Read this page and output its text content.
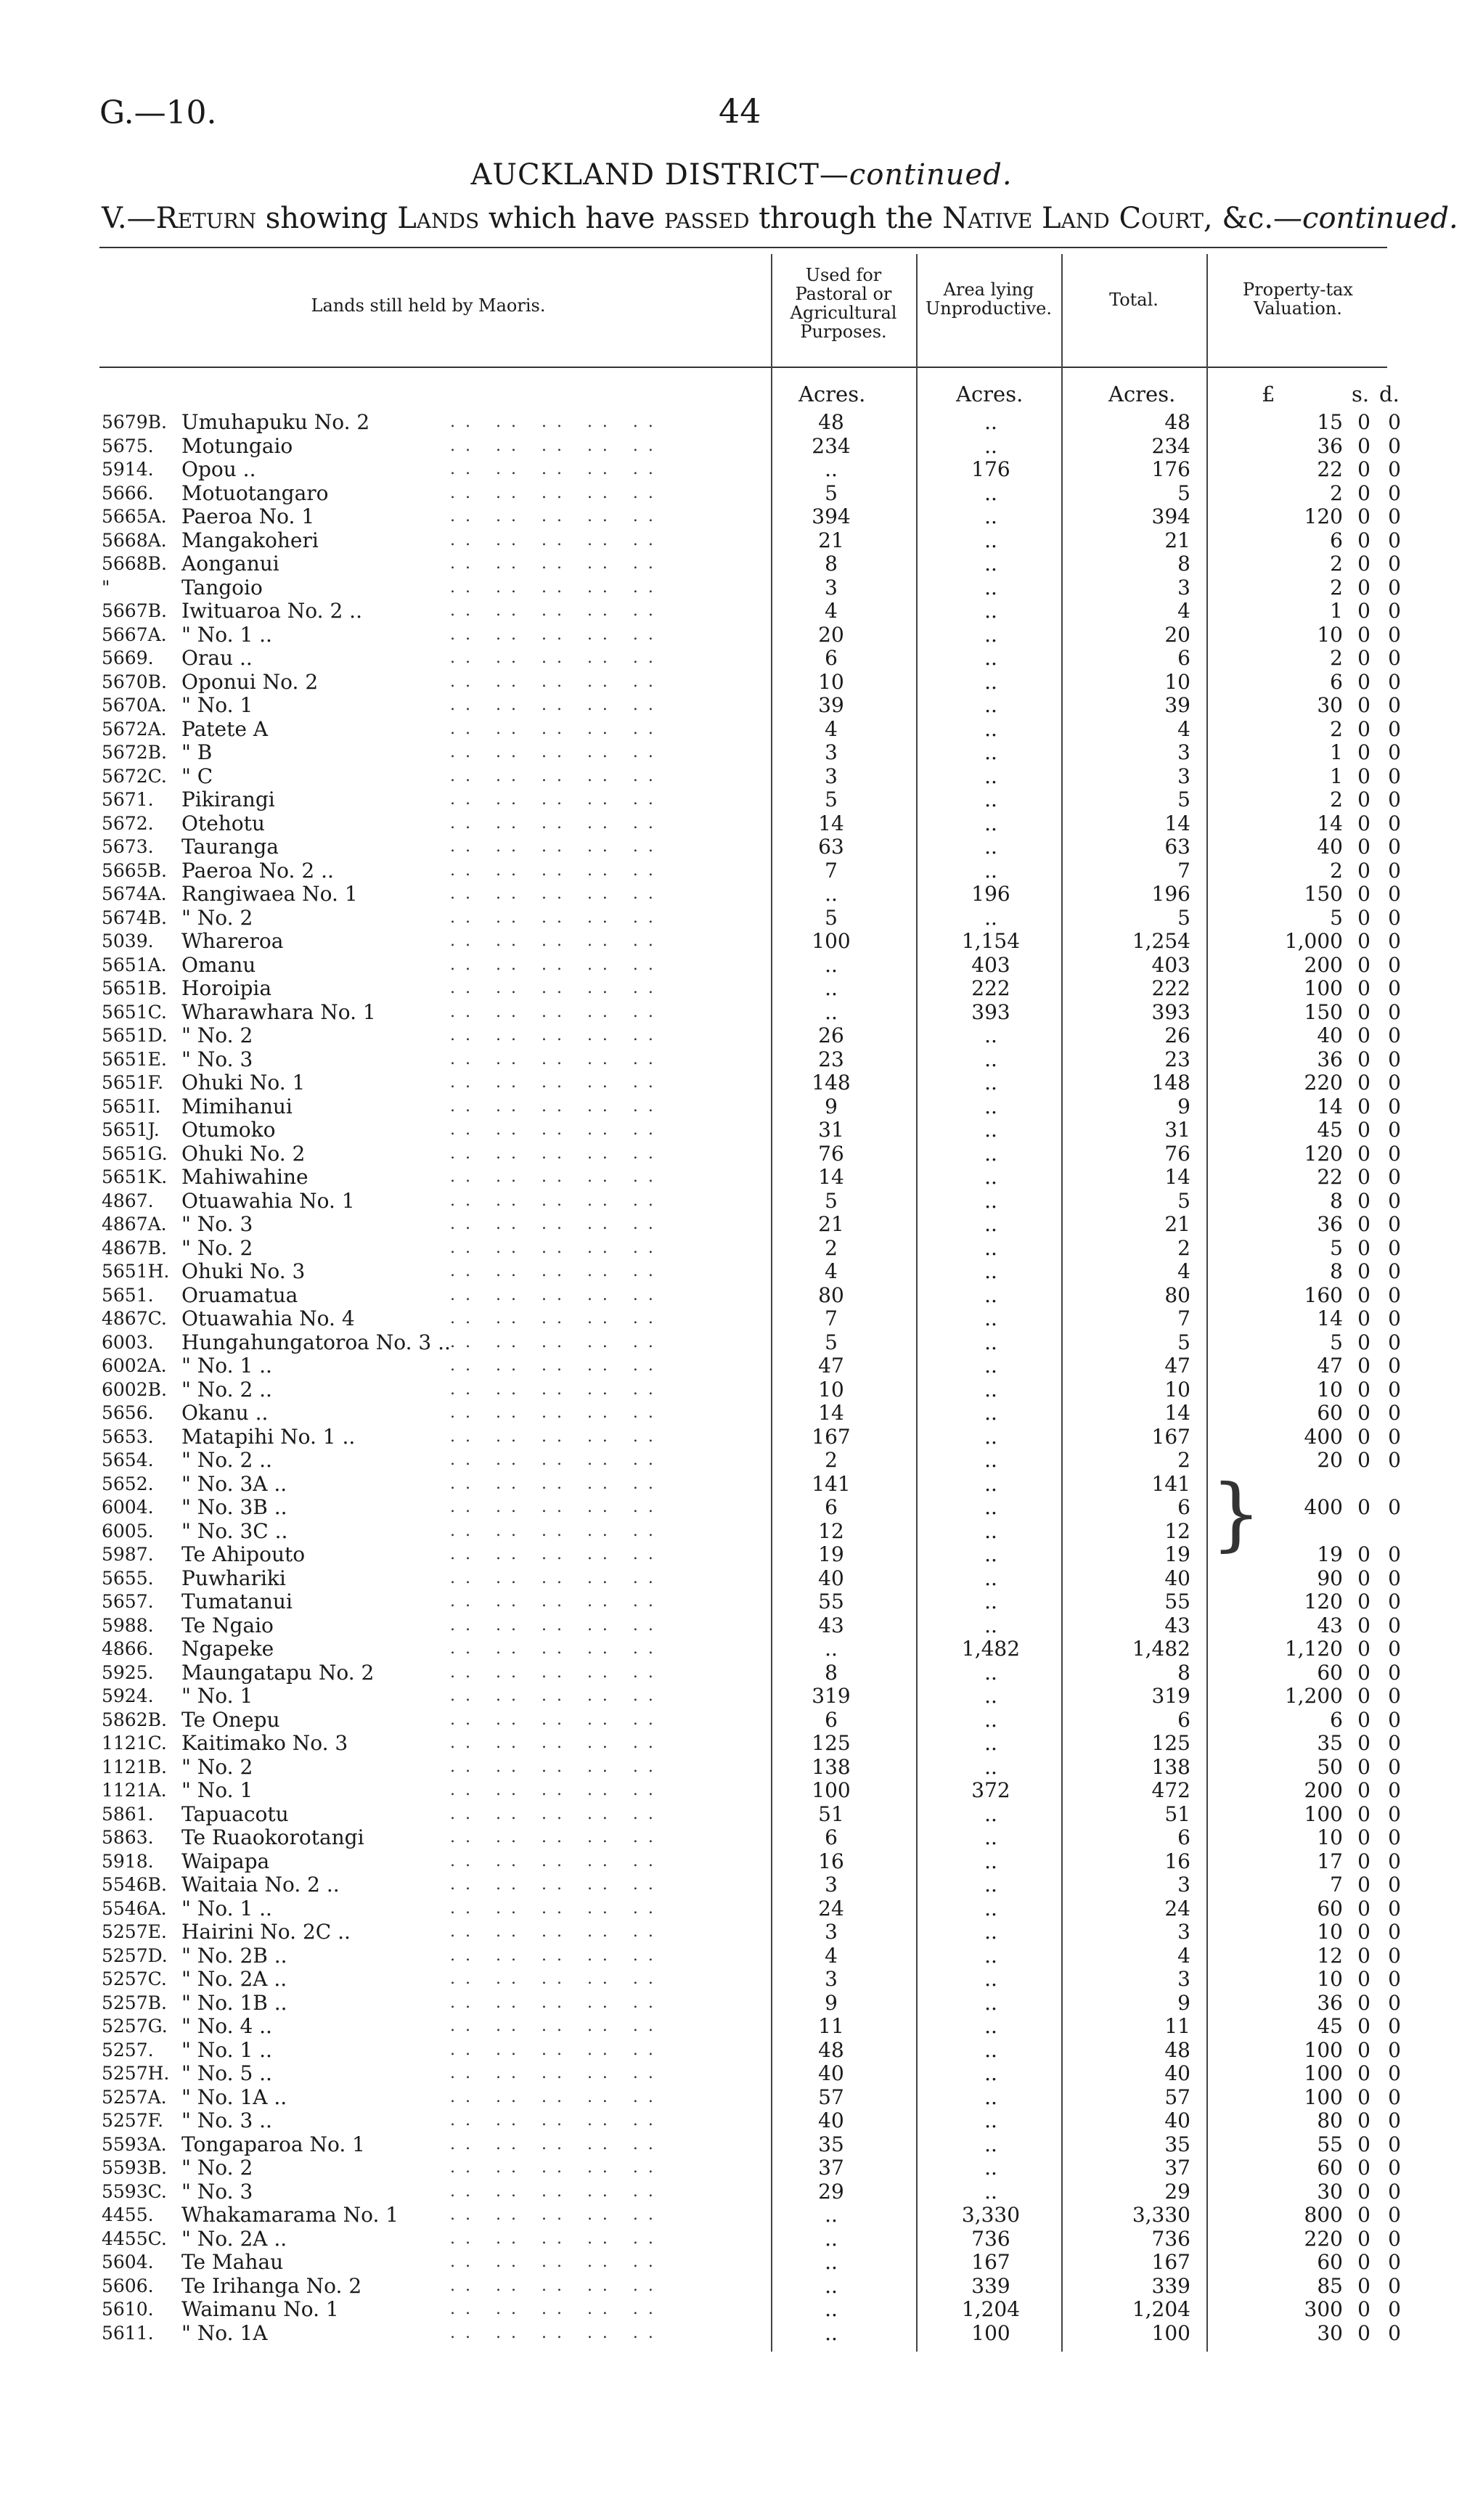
G.—10.	44
AUCKLAND DISTRICT—continued.
V.—Return showing Lands which have passed through the Native Land Court, &c.—continued.
Lands still held by Maoris.
Used for Pastoral or Agricultural Purposes.
Area lying Unproductive.	Total.	Property-tax Valuation.
Acres.	Acres.	Acres.	£	s. d.
5679B. Umuhapuku No. 2	48	..	48	15 0 0
.. .. .. .. ..
5675. Motungaio	234	..	234	36 0 0
.. .. .. .. ..
5914. Opou ..	..	176	176	22 0 0
.. .. .. .. ..
5666. Motuotangaro	5	..	5	2 0 0
.. .. .. .. ..
5665A. Paeroa No. 1	394	..	394	120 0 0
.. .. .. .. ..
5668A. Mangakoheri	21	..	21	6 0 0
.. .. .. .. ..
5668B. Aonganui	8	..	8	2 0 0
.. .. .. .. ..
"	Tangoio	3	..	3	2 0 0
.. .. .. .. ..
5667B. Iwituaroa No. 2 ..	4	..	4	1 0 0
.. .. .. .. ..
5667A. " No. 1 ..	20	..	20	10 0 0
.. .. .. .. ..
5669. Orau ..	6	..	6	2 0 0
.. .. .. .. ..
5670B. Oponui No. 2	10	..	10	6 0 0
.. .. .. .. ..
5670A. " No. 1	39	..	39	30 0 0
.. .. .. .. ..
5672A. Patete A	4	..	4	2 0 0
.. .. .. .. ..
5672B. " B	3	..	3	1 0 0
.. .. .. .. ..
5672C. " C	3	..	3	1 0 0
.. .. .. .. ..
5671. Pikirangi	5	..	5	2 0 0
.. .. .. .. ..
5672. Otehotu	14	..	14	14 0 0
.. .. .. .. ..
5673. Tauranga	63	..	63	40 0 0
.. .. .. .. ..
5665B. Paeroa No. 2 ..	7	..	7	2 0 0
.. .. .. .. ..
5674A. Rangiwaea No. 1	..	196	196	150 0 0
.. .. .. .. ..
5674B. " No. 2	5	..	5	5 0 0
.. .. .. .. ..
5039. Whareroa	100	1,154	1,254	1,000 0 0
.. .. .. .. ..
5651A. Omanu	..	403	403	200 0 0
.. .. .. .. ..
5651B. Horoipia	..	222	222	100 0 0
.. .. .. .. ..
5651C. Wharawhara No. 1	..	393	393	150 0 0
.. .. .. .. ..
5651D. " No. 2	26	..	26	40 0 0
.. .. .. .. ..
5651E. " No. 3	23	..	23	36 0 0
.. .. .. .. ..
5651F. Ohuki No. 1	148	..	148	220 0 0
.. .. .. .. ..
5651I. Mimihanui	9	..	9	14 0 0
.. .. .. .. ..
5651J. Otumoko	31	..	31	45 0 0
.. .. .. .. ..
5651G. Ohuki No. 2	76	..	76	120 0 0
.. .. .. .. ..
5651K. Mahiwahine	14	..	14	22 0 0
.. .. .. .. ..
4867. Otuawahia No. 1	5	..	5	8 0 0
.. .. .. .. ..
4867A. " No. 3	21	..	21	36 0 0
.. .. .. .. ..
4867B. " No. 2	2	..	2	5 0 0
.. .. .. .. ..
5651H. Ohuki No. 3	4	..	4	8 0 0
.. .. .. .. ..
5651. Oruamatua	80	..	80	160 0 0
.. .. .. .. ..
4867C. Otuawahia No. 4	7	..	7	14 0 0
.. .. .. .. ..
6003. Hungahungatoroa No. 3 ..	5	..	5	5 0 0
.. .. .. .. ..
6002A. " No. 1 ..	47	..	47	47 0 0
.. .. .. .. ..
6002B. " No. 2 ..	10	..	10	10 0 0
.. .. .. .. ..
5656. Okanu ..	14	..	14	60 0 0
.. .. .. .. ..
5653. Matapihi No. 1 ..	167	..	167	400 0 0
.. .. .. .. ..
5654. " No. 2 ..	2	..	2	20 0 0
.. .. .. .. ..
5652. " No. 3A ..	141	..	141
.. .. .. .. ..
6004. " No. 3B ..	6	..	6	400 0 0
.. .. .. .. ..
6005. " No. 3C ..	12	..	12
.. .. .. .. ..
5987. Te Ahipouto	19	..	19	19 0 0
.. .. .. .. ..
5655. Puwhariki	40	..	40	90 0 0
.. .. .. .. ..
5657. Tumatanui	55	..	55	120 0 0
.. .. .. .. ..
5988. Te Ngaio	43	..	43	43 0 0
.. .. .. .. ..
4866. Ngapeke	..	1,482	1,482	1,120 0 0
.. .. .. .. ..
5925. Maungatapu No. 2	8	..	8	60 0 0
.. .. .. .. ..
5924. " No. 1	319	..	319	1,200 0 0
.. .. .. .. ..
5862B. Te Onepu	6	..	6	6 0 0
.. .. .. .. ..
1121C. Kaitimako No. 3	125	..	125	35 0 0
.. .. .. .. ..
1121B. " No. 2	138	..	138	50 0 0
.. .. .. .. ..
1121A. " No. 1	100	372	472	200 0 0
.. .. .. .. ..
5861. Tapuacotu	51	..	51	100 0 0
.. .. .. .. ..
5863. Te Ruaokorotangi	6	..	6	10 0 0
.. .. .. .. ..
5918. Waipapa	16	..	16	17 0 0
.. .. .. .. ..
5546B. Waitaia No. 2 ..	3	..	3	7 0 0
.. .. .. .. ..
5546A. " No. 1 ..	24	..	24	60 0 0
.. .. .. .. ..
5257E. Hairini No. 2C ..	3	..	3	10 0 0
.. .. .. .. ..
5257D. " No. 2B ..	4	..	4	12 0 0
.. .. .. .. ..
5257C. " No. 2A ..	3	..	3	10 0 0
.. .. .. .. ..
5257B. " No. 1B ..	9	..	9	36 0 0
.. .. .. .. ..
5257G. " No. 4 ..	11	..	11	45 0 0
.. .. .. .. ..
5257. " No. 1 ..	48	..	48	100 0 0
.. .. .. .. ..
5257H. " No. 5 ..	40	..	40	100 0 0
.. .. .. .. ..
5257A. " No. 1A ..	57	..	57	100 0 0
.. .. .. .. ..
5257F. " No. 3 ..	40	..	40	80 0 0
.. .. .. .. ..
5593A. Tongaparoa No. 1	35	..	35	55 0 0
.. .. .. .. ..
5593B. " No. 2	37	..	37	60 0 0
.. .. .. .. ..
5593C. " No. 3	29	..	29	30 0 0
.. .. .. .. ..
4455. Whakamarama No. 1	..	3,330	3,330	800 0 0
.. .. .. .. ..
4455C. " No. 2A ..	..	736	736	220 0 0
.. .. .. .. ..
5604. Te Mahau	..	167	167	60 0 0
.. .. .. .. ..
5606. Te Irihanga No. 2	..	339	339	85 0 0
.. .. .. .. ..
5610. Waimanu No. 1	..	1,204	1,204	300 0 0
.. .. .. .. ..
5611. " No. 1A	..	100	100	30 0 0
.. .. .. .. ..
}
